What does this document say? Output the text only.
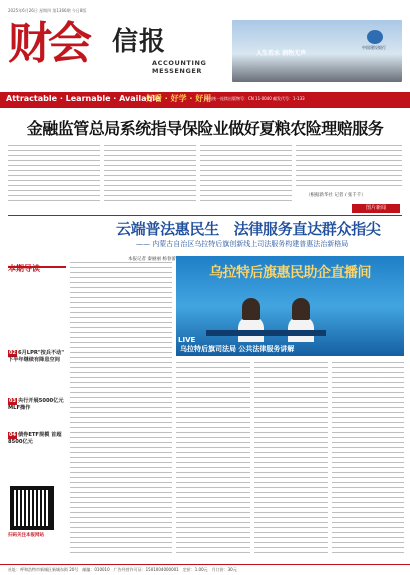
2025年6月26日 星期四 第1366期 今日8版
财会 信报
ACCOUNTING
MESSENGER
人生若水 润物无声
中国建设银行
Attractable · Learnable · Available
好看 · 好学 · 好用
国内统一连续出版物号：CN 11-0040 邮发代号：1-133
金融监管总局系统指导保险业做好夏粮农险理赔服务
（根据新华社 记者 / 张千千）
图片新闻
云端普法惠民生　法律服务直达群众指尖
—— 内蒙古自治区乌拉特后旗创新线上司法服务构建普惠法治新格局
本报记者 秦丽丽 杨春蕾
乌拉特后旗惠民助企直播间
LIVE
乌拉特后旗司法局 公共法律服务讲解
本期导读
02 6月LPR"按兵不动" 下半年继续有降息空间
03 央行开展5000亿元 MLF操作
04 债券ETF规模 首超8500亿元
扫码关注本报网站
社址：呼和浩特市新城区新城东街 20号　邮编：010010　广告经营许可证：1501004000001　定价：1.00元　月订价：30元
